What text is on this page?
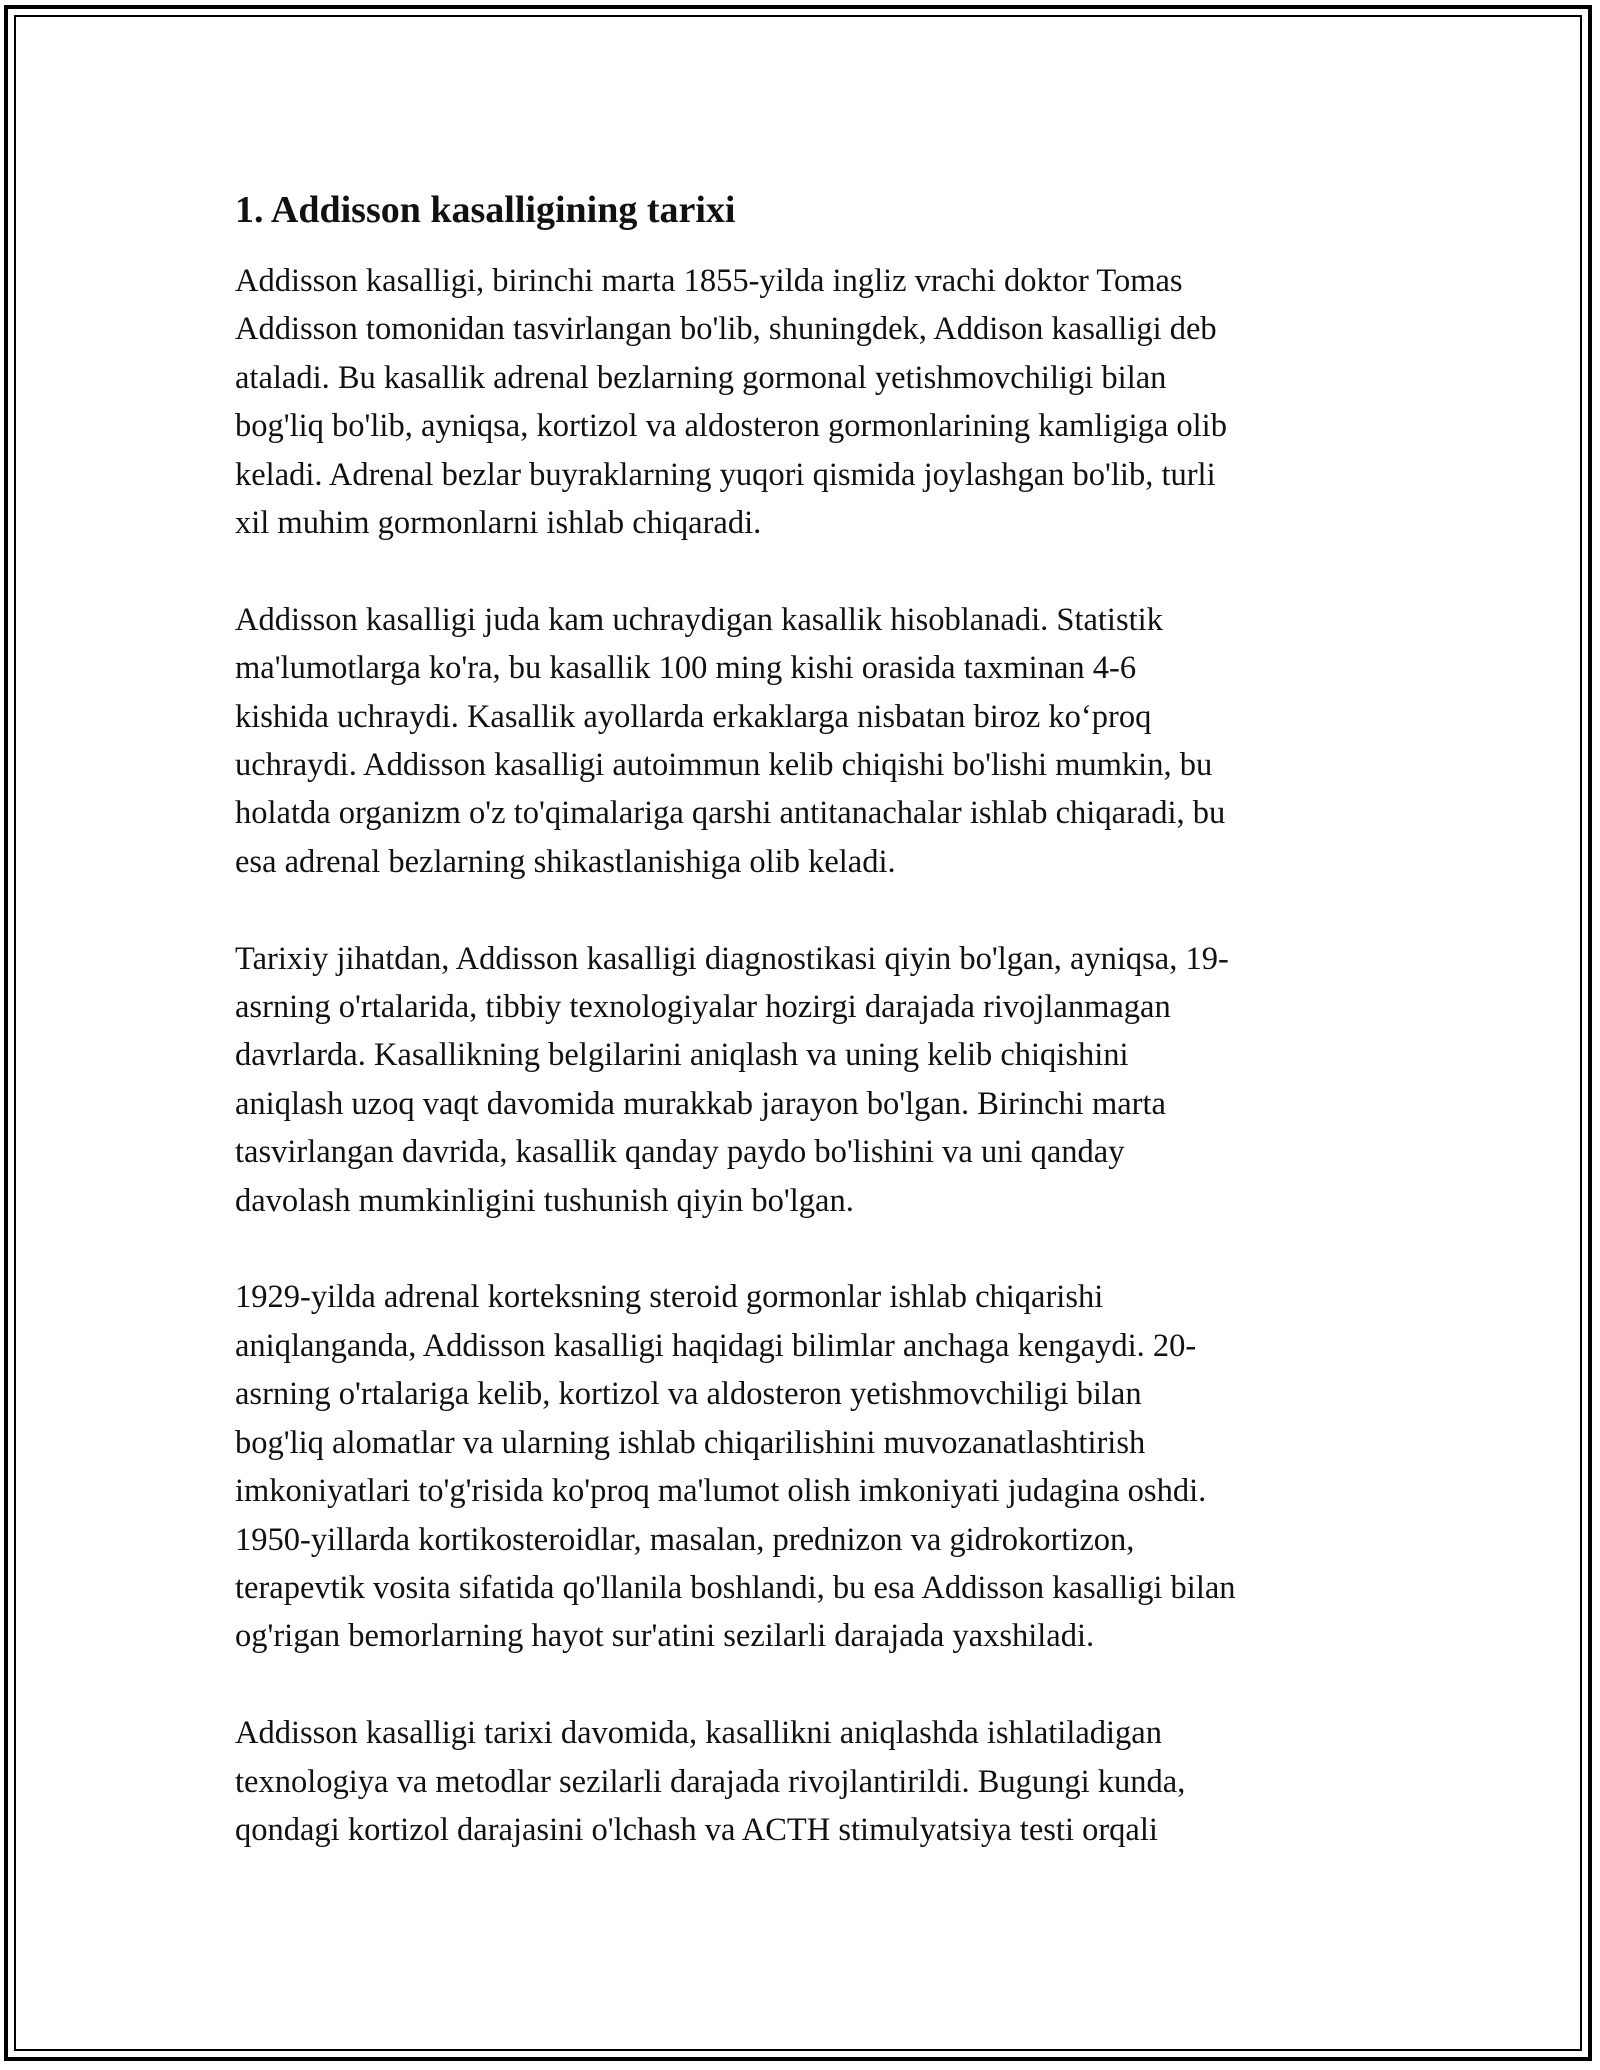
1. Addisson kasalligining tarixi

Addisson kasalligi, birinchi marta 1855-yilda ingliz vrachi doktor Tomas
Addisson tomonidan tasvirlangan bo'lib, shuningdek, Addison kasalligi deb
ataladi. Bu kasallik adrenal bezlarning gormonal yetishmovchiligi bilan
bog'liq bo'lib, ayniqsa, kortizol va aldosteron gormonlarining kamligiga olib
keladi. Adrenal bezlar buyraklarning yuqori qismida joylashgan bo'lib, turli
xil muhim gormonlarni ishlab chiqaradi.

Addisson kasalligi juda kam uchraydigan kasallik hisoblanadi. Statistik
ma'lumotlarga ko'ra, bu kasallik 100 ming kishi orasida taxminan 4-6
kishida uchraydi. Kasallik ayollarda erkaklarga nisbatan biroz ko‘proq
uchraydi. Addisson kasalligi autoimmun kelib chiqishi bo'lishi mumkin, bu
holatda organizm o'z to'qimalariga qarshi antitanachalar ishlab chiqaradi, bu
esa adrenal bezlarning shikastlanishiga olib keladi.

Tarixiy jihatdan, Addisson kasalligi diagnostikasi qiyin bo'lgan, ayniqsa, 19-
asrning o'rtalarida, tibbiy texnologiyalar hozirgi darajada rivojlanmagan
davrlarda. Kasallikning belgilarini aniqlash va uning kelib chiqishini
aniqlash uzoq vaqt davomida murakkab jarayon bo'lgan. Birinchi marta
tasvirlangan davrida, kasallik qanday paydo bo'lishini va uni qanday
davolash mumkinligini tushunish qiyin bo'lgan.

1929-yilda adrenal korteksning steroid gormonlar ishlab chiqarishi
aniqlanganda, Addisson kasalligi haqidagi bilimlar anchaga kengaydi. 20-
asrning o'rtalariga kelib, kortizol va aldosteron yetishmovchiligi bilan
bog'liq alomatlar va ularning ishlab chiqarilishini muvozanatlashtirish
imkoniyatlari to'g'risida ko'proq ma'lumot olish imkoniyati judagina oshdi.
1950-yillarda kortikosteroidlar, masalan, prednizon va gidrokortizon,
terapevtik vosita sifatida qo'llanila boshlandi, bu esa Addisson kasalligi bilan
og'rigan bemorlarning hayot sur'atini sezilarli darajada yaxshiladi.

Addisson kasalligi tarixi davomida, kasallikni aniqlashda ishlatiladigan
texnologiya va metodlar sezilarli darajada rivojlantirildi. Bugungi kunda,
qondagi kortizol darajasini o'lchash va ACTH stimulyatsiya testi orqali
